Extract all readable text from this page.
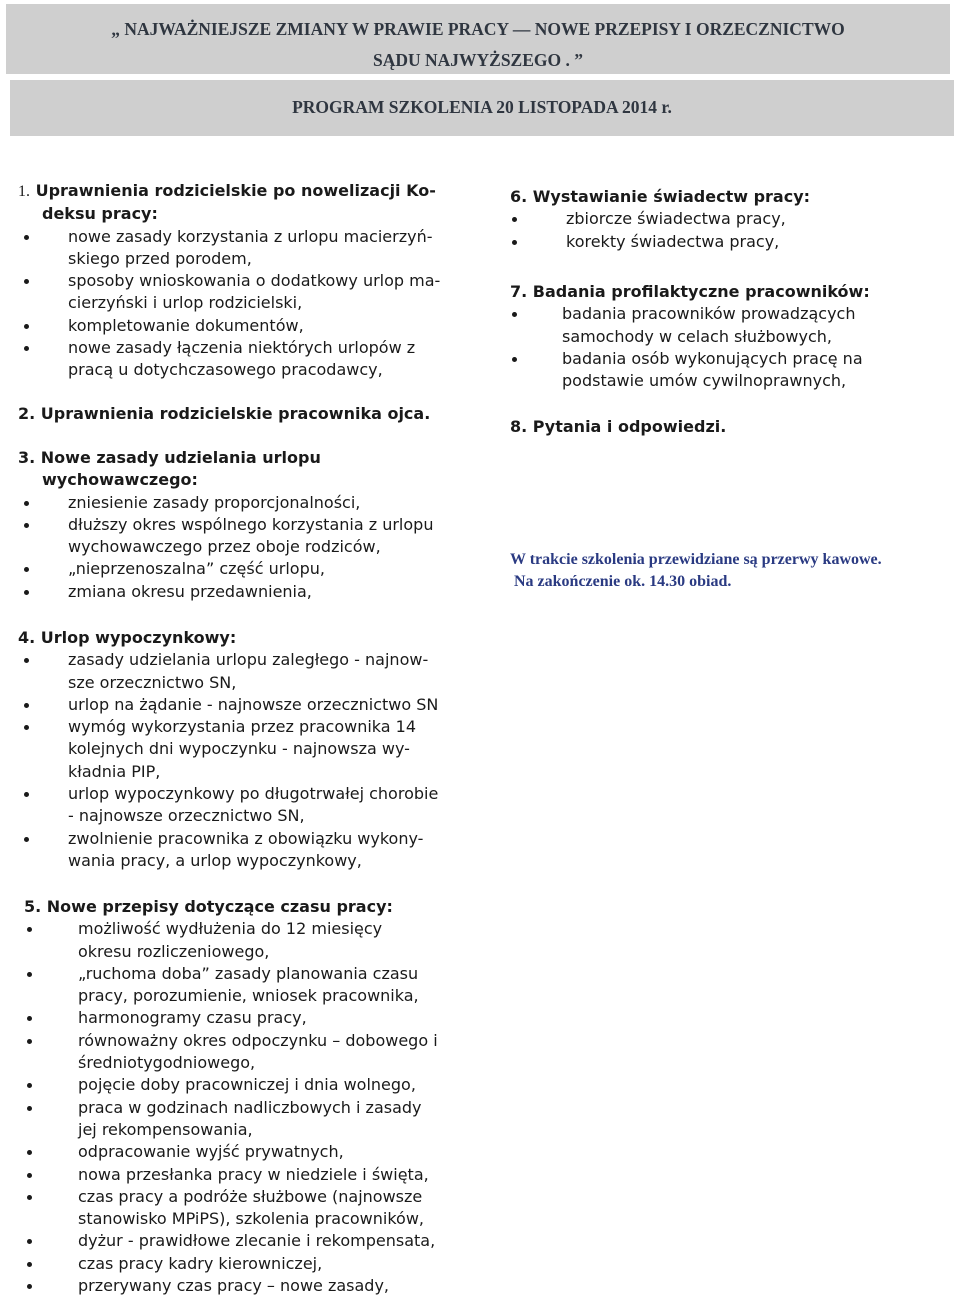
„ NAJWAŻNIEJSZE ZMIANY W PRAWIE PRACY — NOWE PRZEPISY I ORZECZNICTWO
SĄDU NAJWYŻSZEGO . ”
PROGRAM SZKOLENIA 20 LISTOPADA 2014 r.
1. Uprawnienia rodzicielskie po nowelizacji Ko-
deksu pracy:
nowe zasady korzystania z urlopu macierzyń-
skiego przed porodem,
sposoby wnioskowania o dodatkowy urlop ma-
cierzyński i urlop rodzicielski,
kompletowanie dokumentów,
nowe zasady łączenia niektórych urlopów z
pracą u dotychczasowego pracodawcy,
2. Uprawnienia rodzicielskie pracownika ojca.
3. Nowe zasady udzielania urlopu
wychowawczego:
zniesienie zasady proporcjonalności,
dłuższy okres wspólnego korzystania z urlopu
wychowawczego przez oboje rodziców,
„nieprzenoszalna” część urlopu,
zmiana okresu przedawnienia,
4. Urlop wypoczynkowy:
zasady udzielania urlopu zaległego - najnow-
sze orzecznictwo SN,
urlop na żądanie - najnowsze orzecznictwo SN
wymóg wykorzystania przez pracownika 14
kolejnych dni wypoczynku - najnowsza wy-
kładnia PIP,
urlop wypoczynkowy po długotrwałej chorobie
- najnowsze orzecznictwo SN,
zwolnienie pracownika z obowiązku wykony-
wania pracy, a urlop wypoczynkowy,
5. Nowe przepisy dotyczące czasu pracy:
możliwość wydłużenia do 12 miesięcy
okresu rozliczeniowego,
„ruchoma doba” zasady planowania czasu
pracy, porozumienie, wniosek pracownika,
harmonogramy czasu pracy,
równoważny okres odpoczynku – dobowego i
średniotygodniowego,
pojęcie doby pracowniczej i dnia wolnego,
praca w godzinach nadliczbowych i zasady
jej rekompensowania,
odpracowanie wyjść prywatnych,
nowa przesłanka pracy w niedziele i święta,
czas pracy a podróże służbowe (najnowsze
stanowisko MPiPS), szkolenia pracowników,
dyżur - prawidłowe zlecanie i rekompensata,
czas pracy kadry kierowniczej,
przerywany czas pracy – nowe zasady,
6. Wystawianie świadectw pracy:
zbiorcze świadectwa pracy,
korekty świadectwa pracy,
7. Badania profilaktyczne pracowników:
badania pracowników prowadzących
samochody w celach służbowych,
badania osób wykonujących pracę na
podstawie umów cywilnoprawnych,
8. Pytania i odpowiedzi.
W trakcie szkolenia przewidziane są przerwy kawowe.
Na zakończenie ok. 14.30 obiad.
